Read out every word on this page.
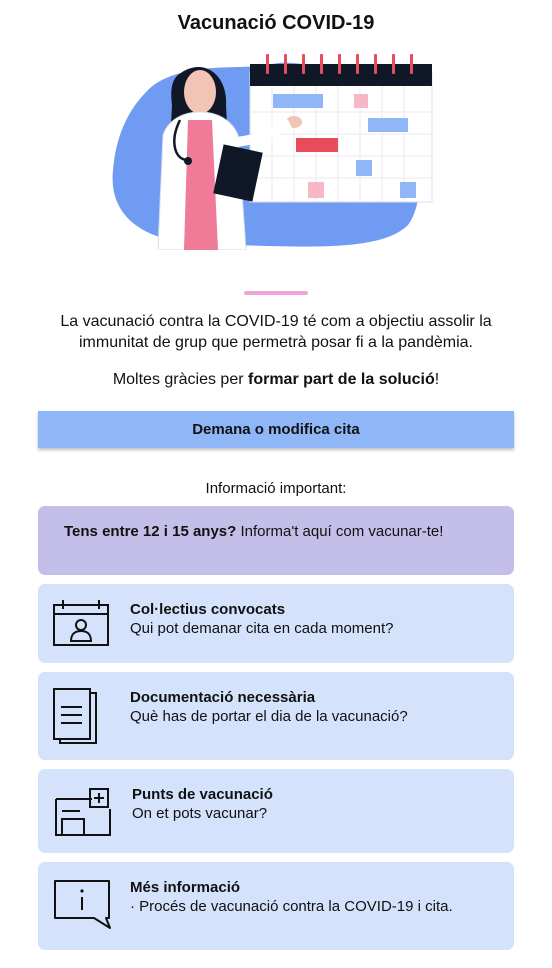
Vacunació COVID-19
La vacunació contra la COVID-19 té com a objectiu assolir la immunitat de grup que permetrà posar fi a la pandèmia.
Moltes gràcies per formar part de la solució!
Demana o modifica cita
Informació important:
Tens entre 12 i 15 anys? Informa't aquí com vacunar-te!
Col·lectius convocats
Qui pot demanar cita en cada moment?
Documentació necessària
Què has de portar el dia de la vacunació?
Punts de vacunació
On et pots vacunar?
Més informació
· Procés de vacunació contra la COVID-19 i cita.
